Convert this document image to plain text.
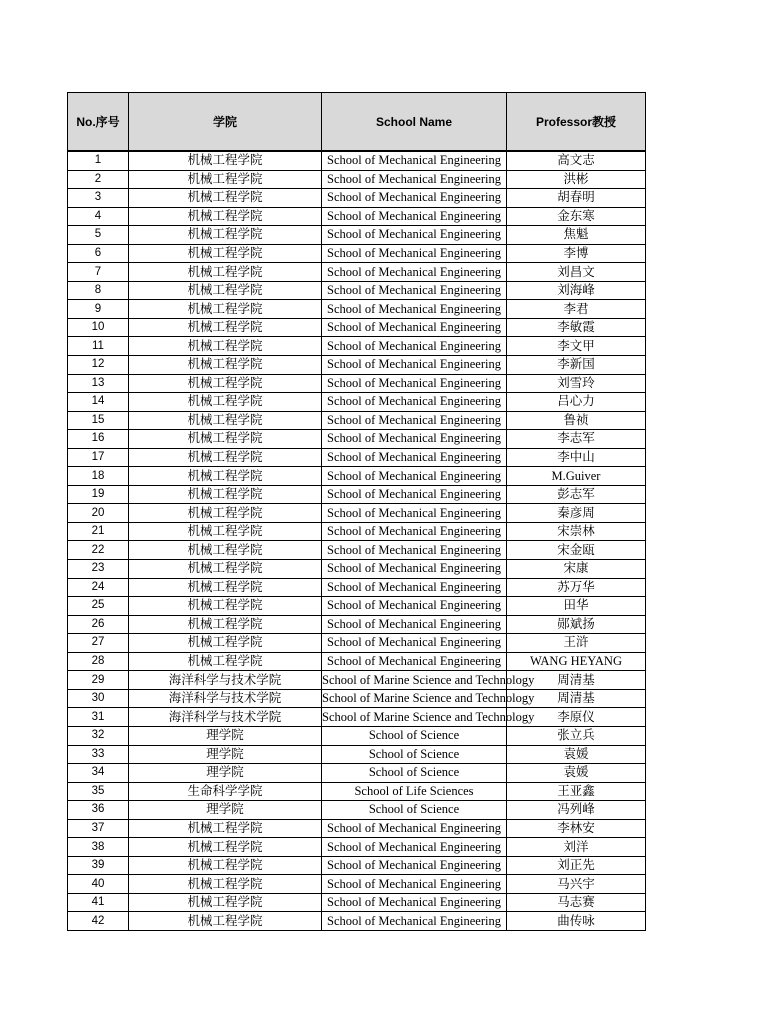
No.序号	学院	School Name	Professor教授
1	机械工程学院	School of Mechanical Engineering	高文志
2	机械工程学院	School of Mechanical Engineering	洪彬
3	机械工程学院	School of Mechanical Engineering	胡春明
4	机械工程学院	School of Mechanical Engineering	金东寒
5	机械工程学院	School of Mechanical Engineering	焦魁
6	机械工程学院	School of Mechanical Engineering	李博
7	机械工程学院	School of Mechanical Engineering	刘昌文
8	机械工程学院	School of Mechanical Engineering	刘海峰
9	机械工程学院	School of Mechanical Engineering	李君
10	机械工程学院	School of Mechanical Engineering	李敏霞
11	机械工程学院	School of Mechanical Engineering	李文甲
12	机械工程学院	School of Mechanical Engineering	李新国
13	机械工程学院	School of Mechanical Engineering	刘雪玲
14	机械工程学院	School of Mechanical Engineering	吕心力
15	机械工程学院	School of Mechanical Engineering	鲁祯
16	机械工程学院	School of Mechanical Engineering	李志军
17	机械工程学院	School of Mechanical Engineering	李中山
18	机械工程学院	School of Mechanical Engineering	M.Guiver
19	机械工程学院	School of Mechanical Engineering	彭志军
20	机械工程学院	School of Mechanical Engineering	秦彦周
21	机械工程学院	School of Mechanical Engineering	宋崇林
22	机械工程学院	School of Mechanical Engineering	宋金瓯
23	机械工程学院	School of Mechanical Engineering	宋康
24	机械工程学院	School of Mechanical Engineering	苏万华
25	机械工程学院	School of Mechanical Engineering	田华
26	机械工程学院	School of Mechanical Engineering	郧斌扬
27	机械工程学院	School of Mechanical Engineering	王浒
28	机械工程学院	School of Mechanical Engineering	WANG HEYANG
29	海洋科学与技术学院	School of Marine Science and Technology	周清基
30	海洋科学与技术学院	School of Marine Science and Technology	周清基
31	海洋科学与技术学院	School of Marine Science and Technology	李原仪
32	理学院	School of Science	张立兵
33	理学院	School of Science	袁媛
34	理学院	School of Science	袁媛
35	生命科学学院	School of Life Sciences	王亚鑫
36	理学院	School of Science	冯列峰
37	机械工程学院	School of Mechanical Engineering	李林安
38	机械工程学院	School of Mechanical Engineering	刘洋
39	机械工程学院	School of Mechanical Engineering	刘正先
40	机械工程学院	School of Mechanical Engineering	马兴宇
41	机械工程学院	School of Mechanical Engineering	马志赛
42	机械工程学院	School of Mechanical Engineering	曲传咏
